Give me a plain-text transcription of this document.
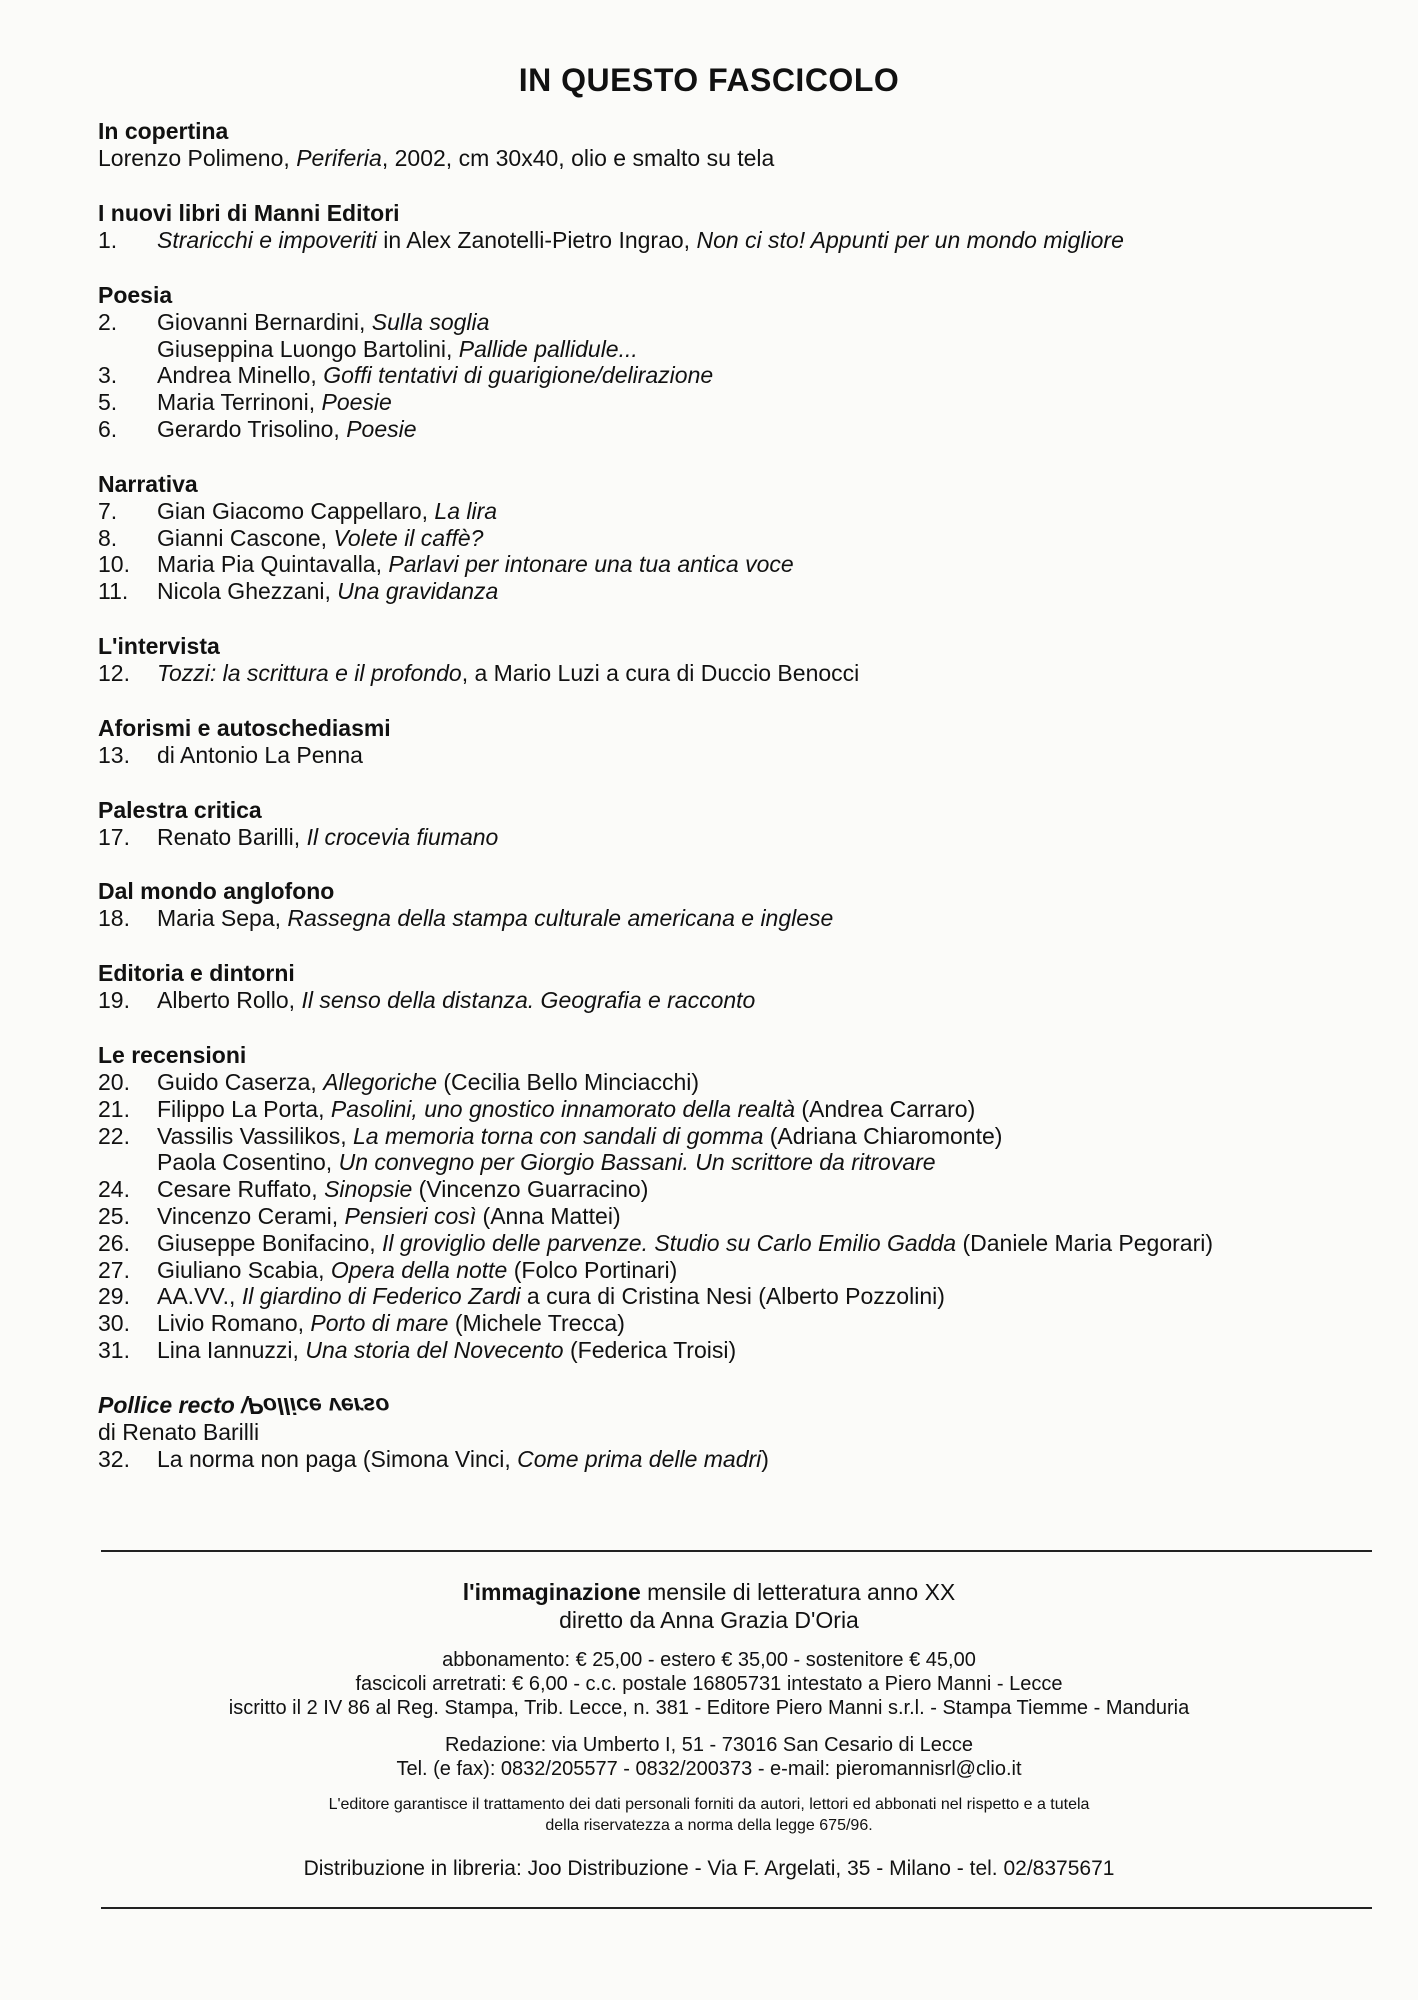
IN QUESTO FASCICOLO
In copertina
Lorenzo Polimeno, Periferia, 2002, cm 30x40, olio e smalto su tela
I nuovi libri di Manni Editori
1.	Straricchi e impoveriti in Alex Zanotelli-Pietro Ingrao, Non ci sto! Appunti per un mondo migliore
Poesia
2.	Giovanni Bernardini, Sulla soglia
Giuseppina Luongo Bartolini, Pallide pallidule...
3.	Andrea Minello, Goffi tentativi di guarigione/delirazione
5.	Maria Terrinoni, Poesie
6.	Gerardo Trisolino, Poesie
Narrativa
7.	Gian Giacomo Cappellaro, La lira
8.	Gianni Cascone, Volete il caffè?
10.	Maria Pia Quintavalla, Parlavi per intonare una tua antica voce
11.	Nicola Ghezzani, Una gravidanza
L'intervista
12.	Tozzi: la scrittura e il profondo, a Mario Luzi a cura di Duccio Benocci
Aforismi e autoschediasmi
13.	di Antonio La Penna
Palestra critica
17.	Renato Barilli, Il crocevia fiumano
Dal mondo anglofono
18.	Maria Sepa, Rassegna della stampa culturale americana e inglese
Editoria e dintorni
19.	Alberto Rollo, Il senso della distanza. Geografia e racconto
Le recensioni
20.	Guido Caserza, Allegoriche (Cecilia Bello Minciacchi)
21.	Filippo La Porta, Pasolini, uno gnostico innamorato della realtà (Andrea Carraro)
22.	Vassilis Vassilikos, La memoria torna con sandali di gomma (Adriana Chiaromonte)
Paola Cosentino, Un convegno per Giorgio Bassani. Un scrittore da ritrovare
24.	Cesare Ruffato, Sinopsie (Vincenzo Guarracino)
25.	Vincenzo Cerami, Pensieri così (Anna Mattei)
26.	Giuseppe Bonifacino, Il groviglio delle parvenze. Studio su Carlo Emilio Gadda (Daniele Maria Pegorari)
27.	Giuliano Scabia, Opera della notte (Folco Portinari)
29.	AA.VV., Il giardino di Federico Zardi a cura di Cristina Nesi (Alberto Pozzolini)
30.	Livio Romano, Porto di mare (Michele Trecca)
31.	Lina Iannuzzi, Una storia del Novecento (Federica Troisi)
Pollice recto /Pollice verso
di Renato Barilli
32.	La norma non paga (Simona Vinci, Come prima delle madri)
l'immaginazione mensile di letteratura anno XX
diretto da Anna Grazia D'Oria
abbonamento: € 25,00 - estero € 35,00 - sostenitore € 45,00
fascicoli arretrati: € 6,00 - c.c. postale 16805731 intestato a Piero Manni - Lecce
iscritto il 2 IV 86 al Reg. Stampa, Trib. Lecce, n. 381 - Editore Piero Manni s.r.l. - Stampa Tiemme - Manduria
Redazione: via Umberto I, 51 - 73016 San Cesario di Lecce
Tel. (e fax): 0832/205577 - 0832/200373 - e-mail: pieromannisrl@clio.it
L'editore garantisce il trattamento dei dati personali forniti da autori, lettori ed abbonati nel rispetto e a tutela
della riservatezza a norma della legge 675/96.
Distribuzione in libreria: Joo Distribuzione - Via F. Argelati, 35 - Milano - tel. 02/8375671
